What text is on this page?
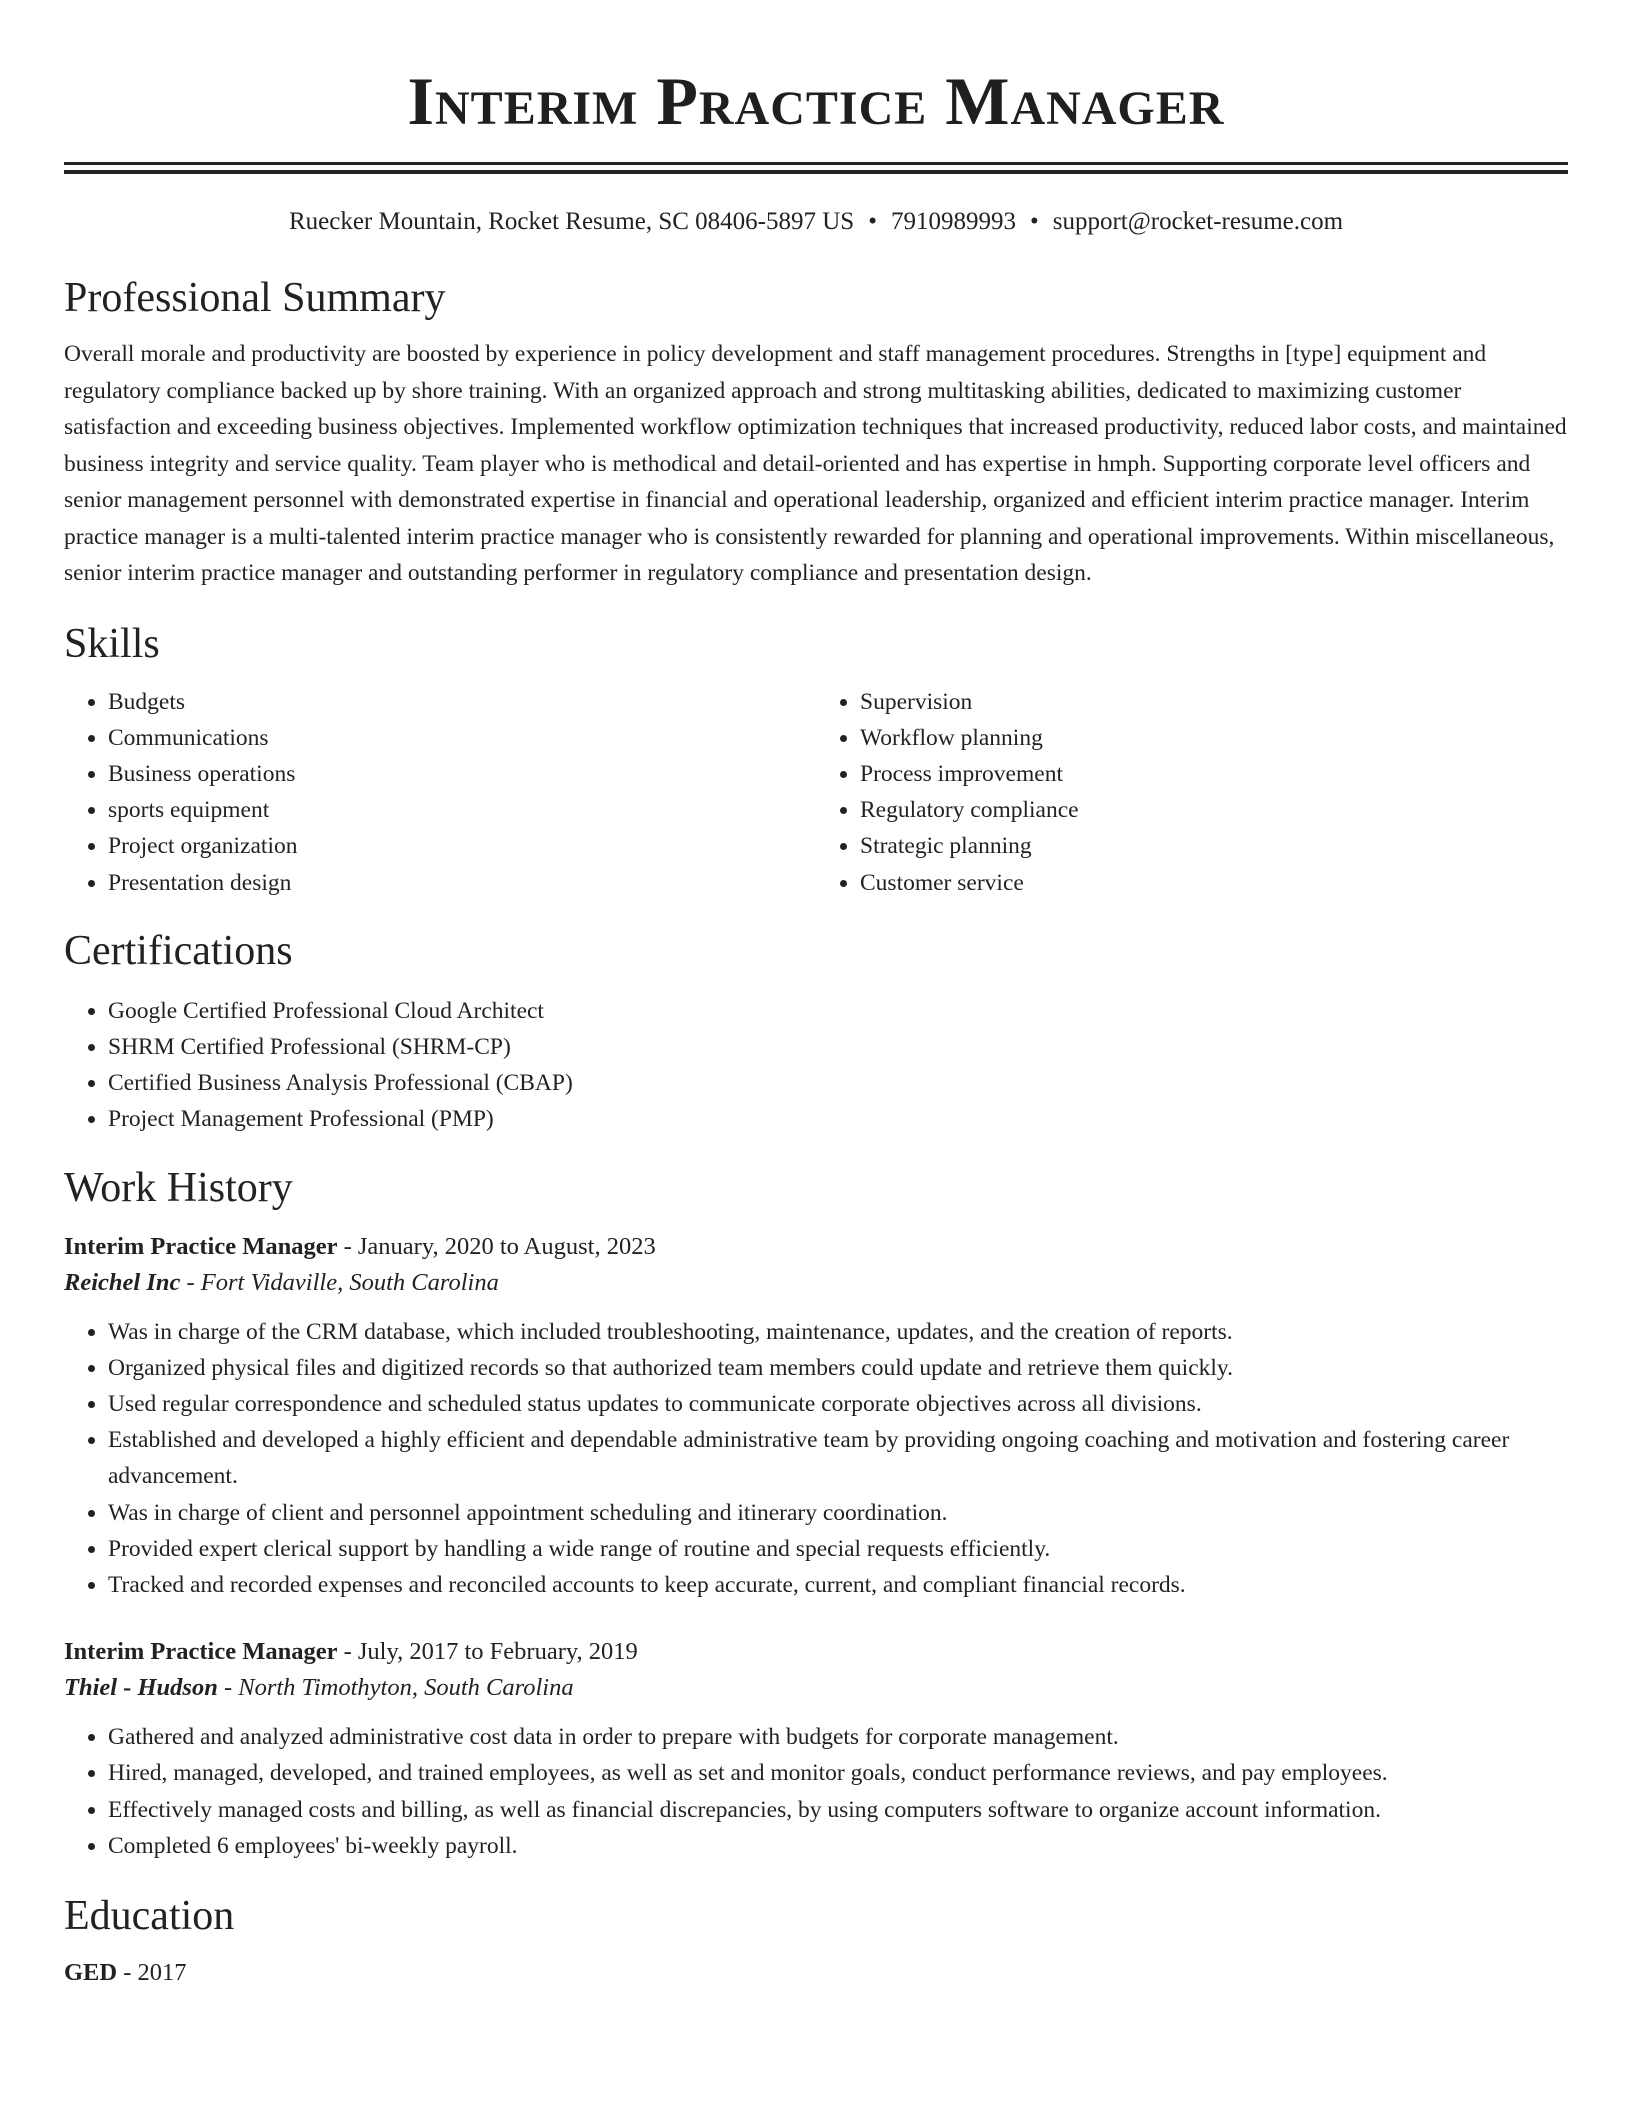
Interim Practice Manager
Ruecker Mountain, Rocket Resume, SC 08406-5897 US • 7910989993 • support@rocket-resume.com
Professional Summary

Overall morale and productivity are boosted by experience in policy development and staff management procedures. Strengths in [type] equipment and regulatory compliance backed up by shore training. With an organized approach and strong multitasking abilities, dedicated to maximizing customer satisfaction and exceeding business objectives. Implemented workflow optimization techniques that increased productivity, reduced labor costs, and maintained business integrity and service quality. Team player who is methodical and detail-oriented and has expertise in hmph. Supporting corporate level officers and senior management personnel with demonstrated expertise in financial and operational leadership, organized and efficient interim practice manager. Interim practice manager is a multi-talented interim practice manager who is consistently rewarded for planning and operational improvements. Within miscellaneous, senior interim practice manager and outstanding performer in regulatory compliance and presentation design.

Skills
• Budgets
• Communications
• Business operations
• sports equipment
• Project organization
• Presentation design
• Supervision
• Workflow planning
• Process improvement
• Regulatory compliance
• Strategic planning
• Customer service
Certifications
• Google Certified Professional Cloud Architect
• SHRM Certified Professional (SHRM-CP)
• Certified Business Analysis Professional (CBAP)
• Project Management Professional (PMP)
Work History
Interim Practice Manager - January, 2020 to August, 2023
Reichel Inc - Fort Vidaville, South Carolina
• Was in charge of the CRM database, which included troubleshooting, maintenance, updates, and the creation of reports.
• Organized physical files and digitized records so that authorized team members could update and retrieve them quickly.
• Used regular correspondence and scheduled status updates to communicate corporate objectives across all divisions.
• Established and developed a highly efficient and dependable administrative team by providing ongoing coaching and motivation and fostering career advancement.
• Was in charge of client and personnel appointment scheduling and itinerary coordination.
• Provided expert clerical support by handling a wide range of routine and special requests efficiently.
• Tracked and recorded expenses and reconciled accounts to keep accurate, current, and compliant financial records.
Interim Practice Manager - July, 2017 to February, 2019
Thiel - Hudson - North Timothyton, South Carolina
• Gathered and analyzed administrative cost data in order to prepare with budgets for corporate management.
• Hired, managed, developed, and trained employees, as well as set and monitor goals, conduct performance reviews, and pay employees.
• Effectively managed costs and billing, as well as financial discrepancies, by using computers software to organize account information.
• Completed 6 employees' bi-weekly payroll.
Education
GED - 2017
